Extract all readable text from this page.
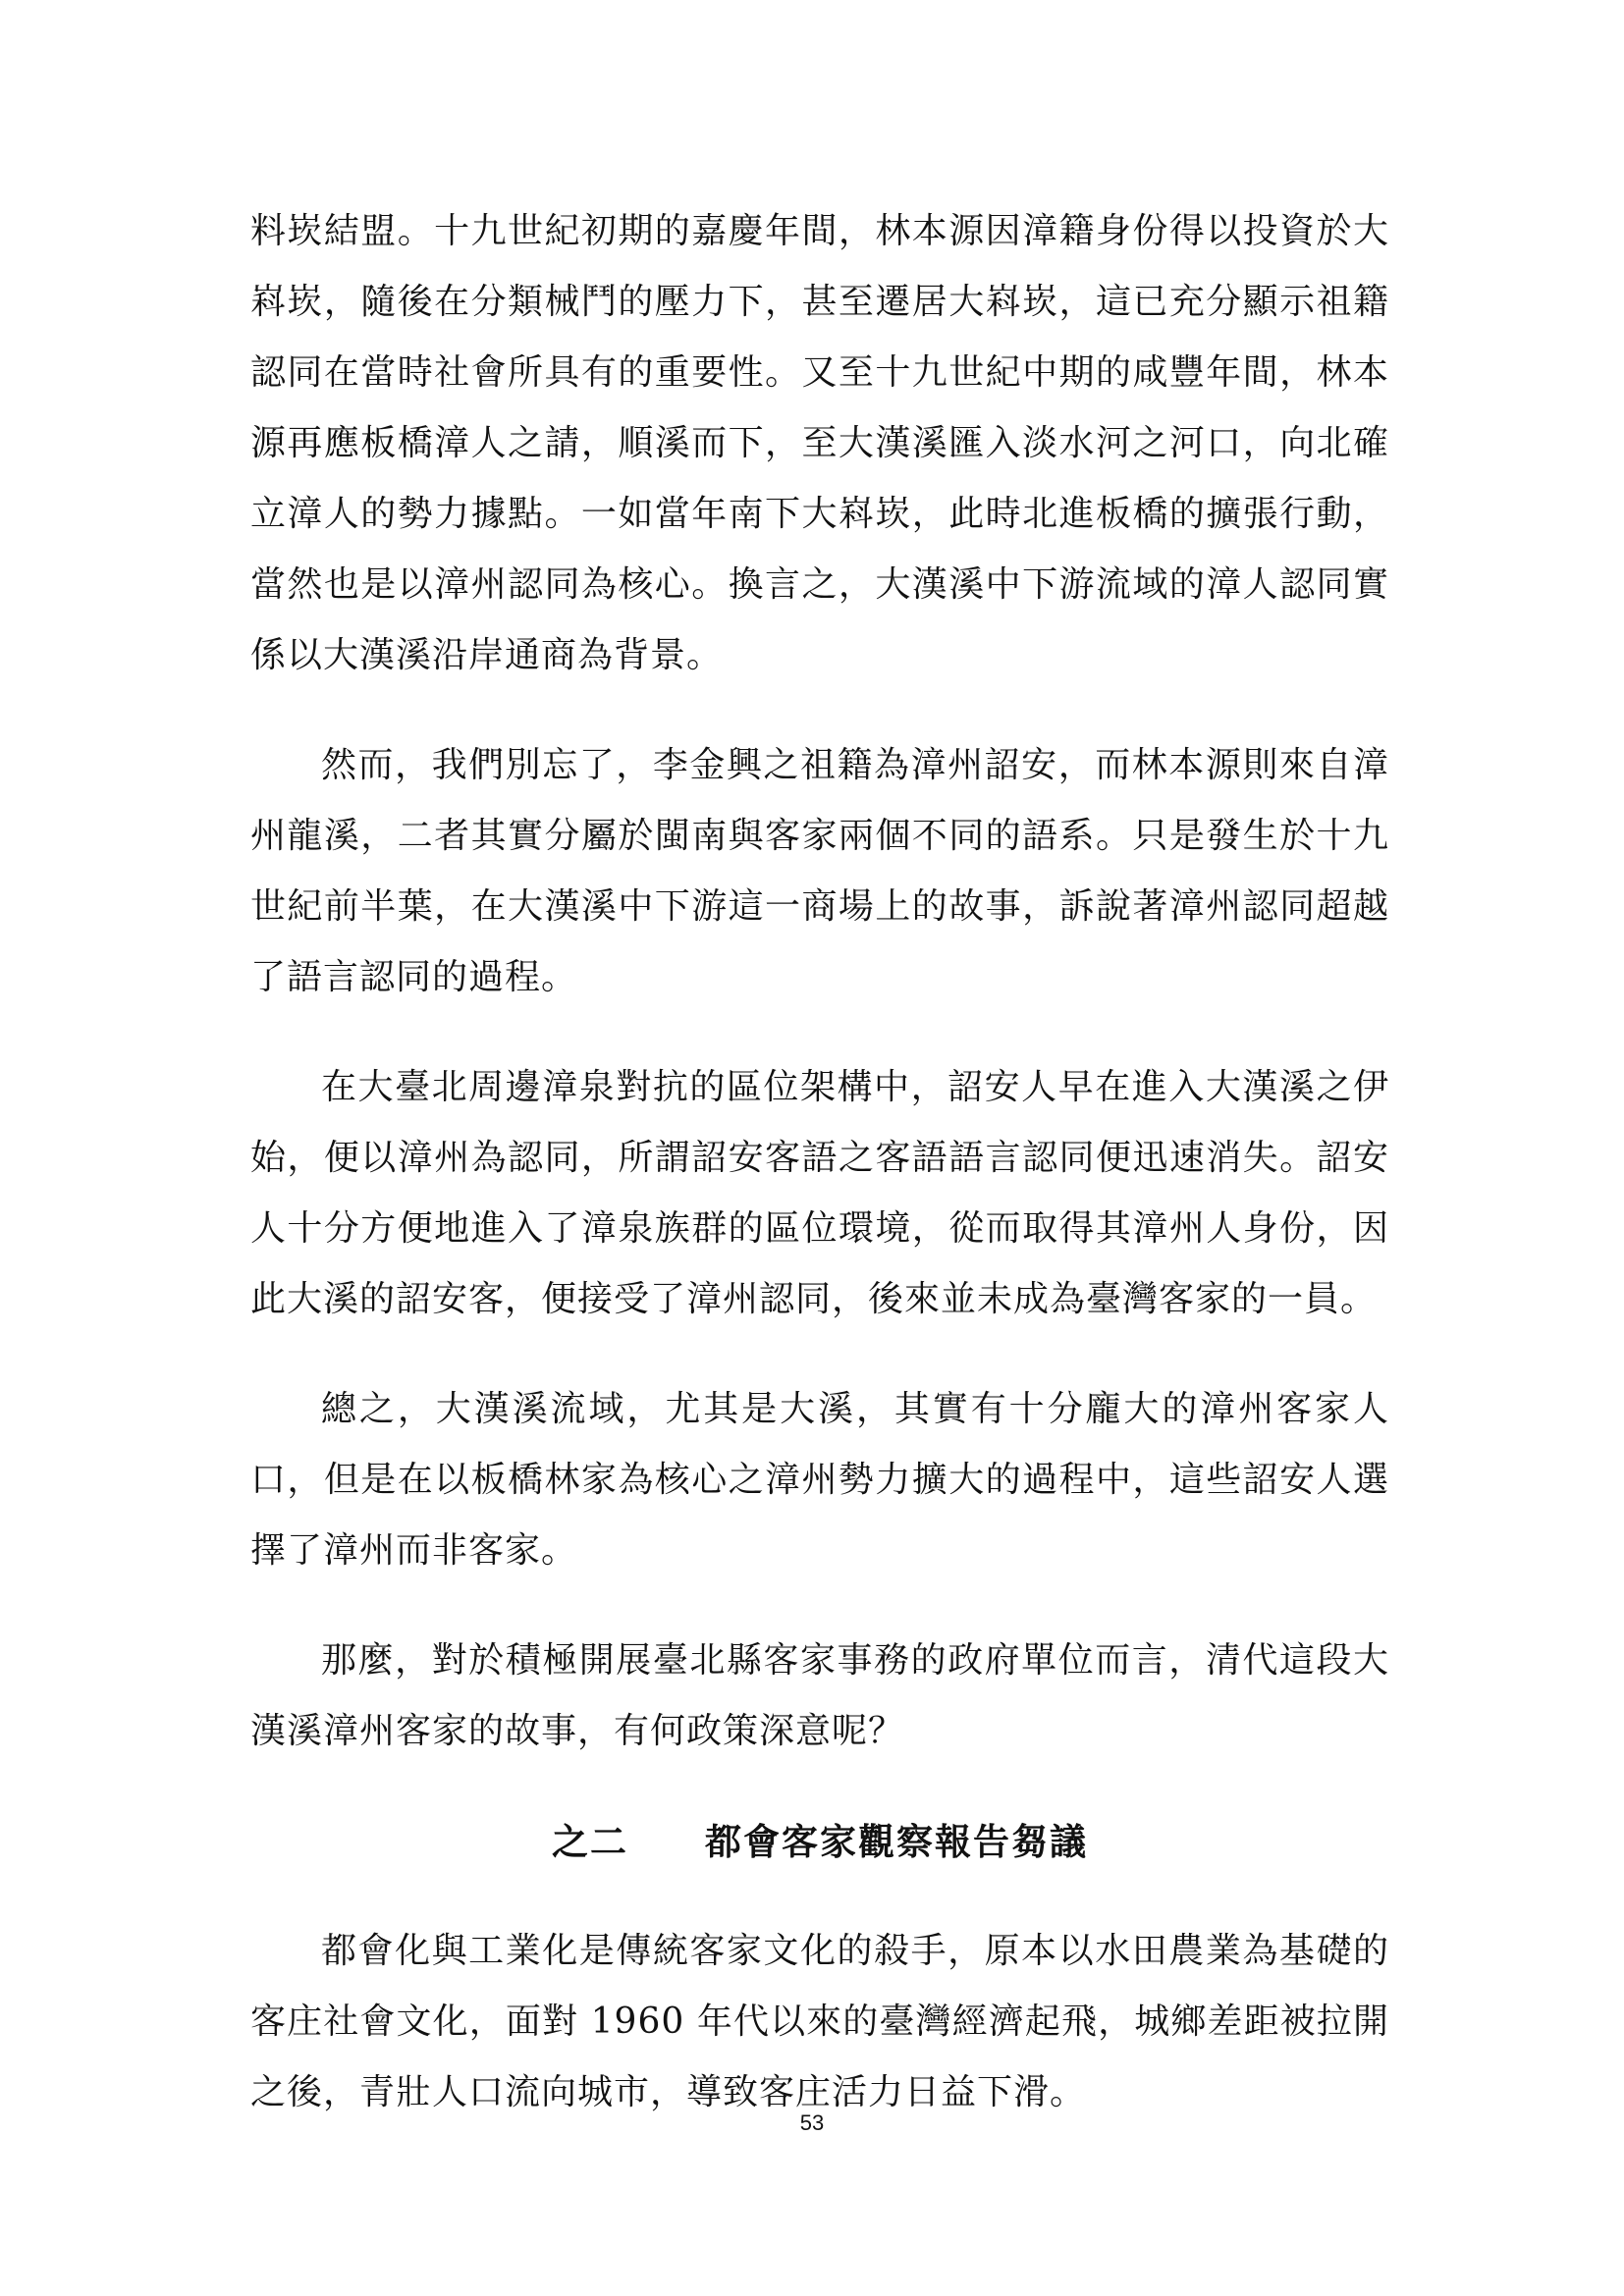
料崁結盟。十九世紀初期的嘉慶年間，林本源因漳籍身份得以投資於大嵙崁，隨後在分類械鬥的壓力下，甚至遷居大嵙崁，這已充分顯示祖籍認同在當時社會所具有的重要性。又至十九世紀中期的咸豐年間，林本源再應板橋漳人之請，順溪而下，至大漢溪匯入淡水河之河口，向北確立漳人的勢力據點。一如當年南下大嵙崁，此時北進板橋的擴張行動，當然也是以漳州認同為核心。換言之，大漢溪中下游流域的漳人認同實係以大漢溪沿岸通商為背景。

然而，我們別忘了，李金興之祖籍為漳州詔安，而林本源則來自漳州龍溪，二者其實分屬於閩南與客家兩個不同的語系。只是發生於十九世紀前半葉，在大漢溪中下游這一商場上的故事，訴說著漳州認同超越了語言認同的過程。

在大臺北周邊漳泉對抗的區位架構中，詔安人早在進入大漢溪之伊始，便以漳州為認同，所謂詔安客語之客語語言認同便迅速消失。詔安人十分方便地進入了漳泉族群的區位環境，從而取得其漳州人身份，因此大溪的詔安客，便接受了漳州認同，後來並未成為臺灣客家的一員。

總之，大漢溪流域，尤其是大溪，其實有十分龐大的漳州客家人口，但是在以板橋林家為核心之漳州勢力擴大的過程中，這些詔安人選擇了漳州而非客家。

那麼，對於積極開展臺北縣客家事務的政府單位而言，清代這段大漢溪漳州客家的故事，有何政策深意呢？

之二　　都會客家觀察報告芻議

都會化與工業化是傳統客家文化的殺手，原本以水田農業為基礎的客庄社會文化，面對 1960 年代以來的臺灣經濟起飛，城鄉差距被拉開之後，青壯人口流向城市，導致客庄活力日益下滑。

53
